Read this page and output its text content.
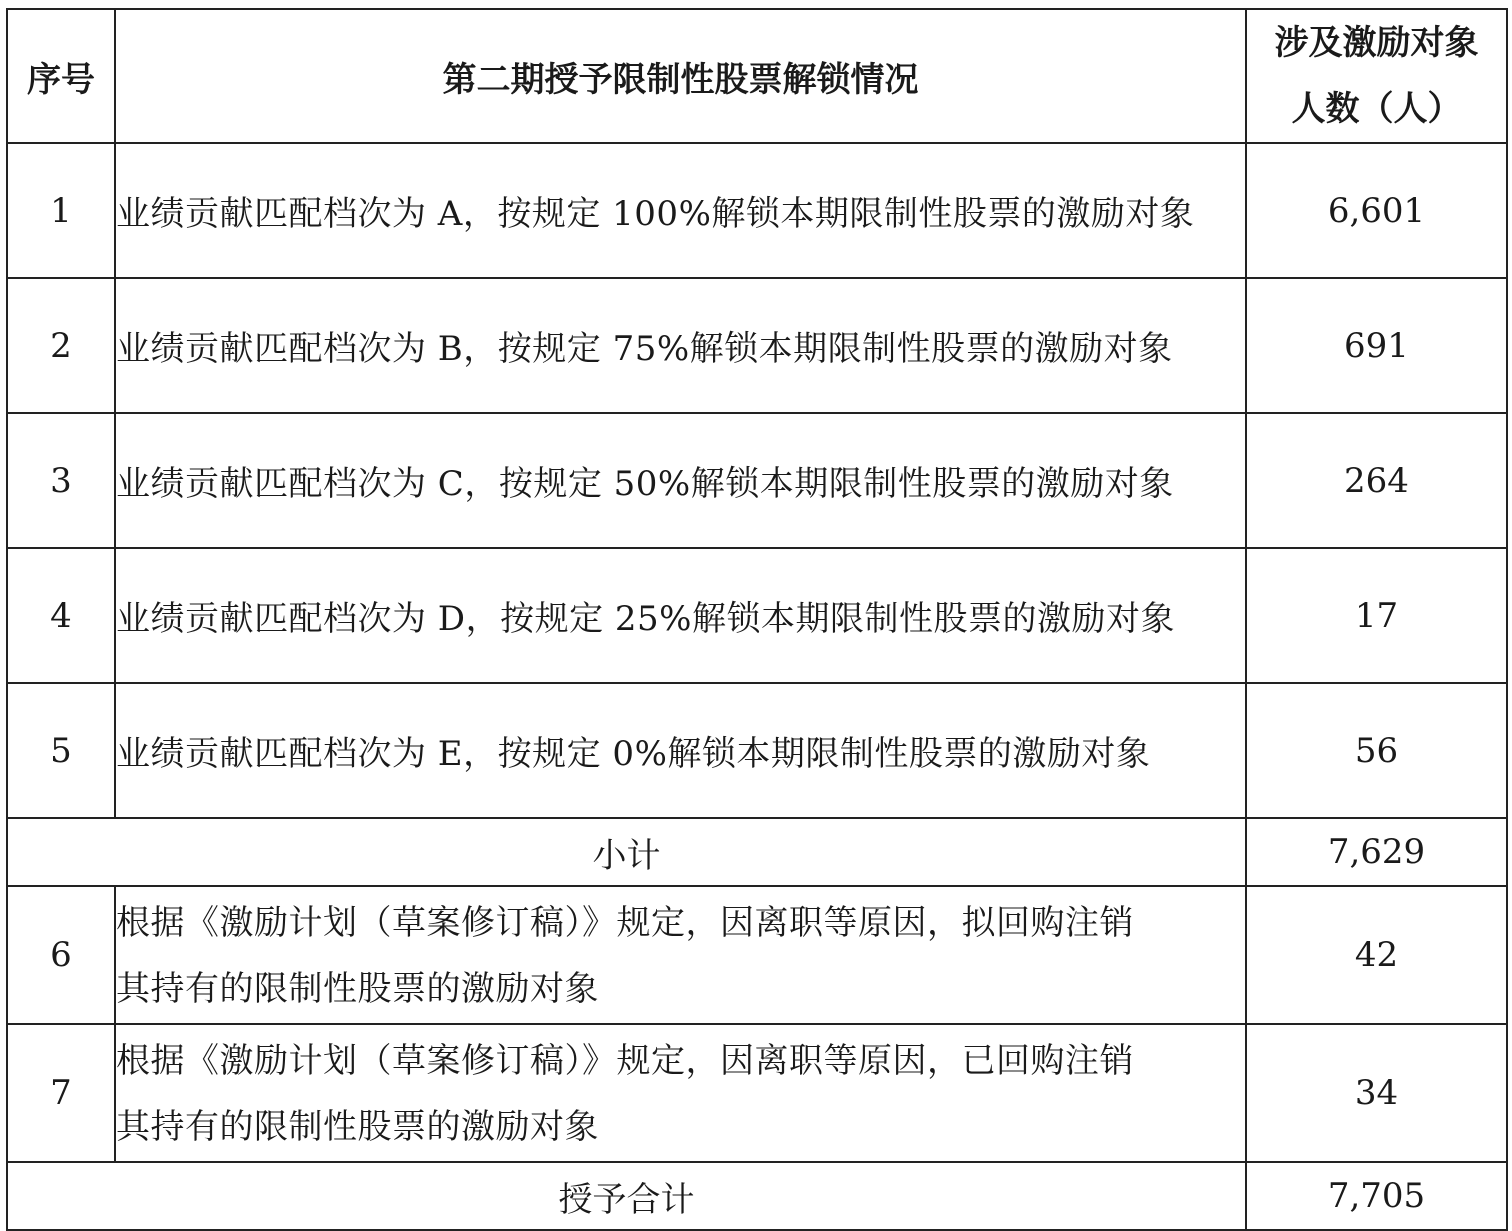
序号	第二期授予限制性股票解锁情况	涉及激励对象
人数（人）

1	业绩贡献匹配档次为 A，按规定 100%解锁本期限制性股票的激励对象	6,601
2	业绩贡献匹配档次为 B，按规定 75%解锁本期限制性股票的激励对象	691
3	业绩贡献匹配档次为 C，按规定 50%解锁本期限制性股票的激励对象	264
4	业绩贡献匹配档次为 D，按规定 25%解锁本期限制性股票的激励对象	17
5	业绩贡献匹配档次为 E，按规定 0%解锁本期限制性股票的激励对象	56
小计		7,629
6	根据《激励计划（草案修订稿）》规定，因离职等原因，拟回购注销
其持有的限制性股票的激励对象	42
7	根据《激励计划（草案修订稿）》规定，因离职等原因，已回购注销
其持有的限制性股票的激励对象	34
授予合计		7,705
